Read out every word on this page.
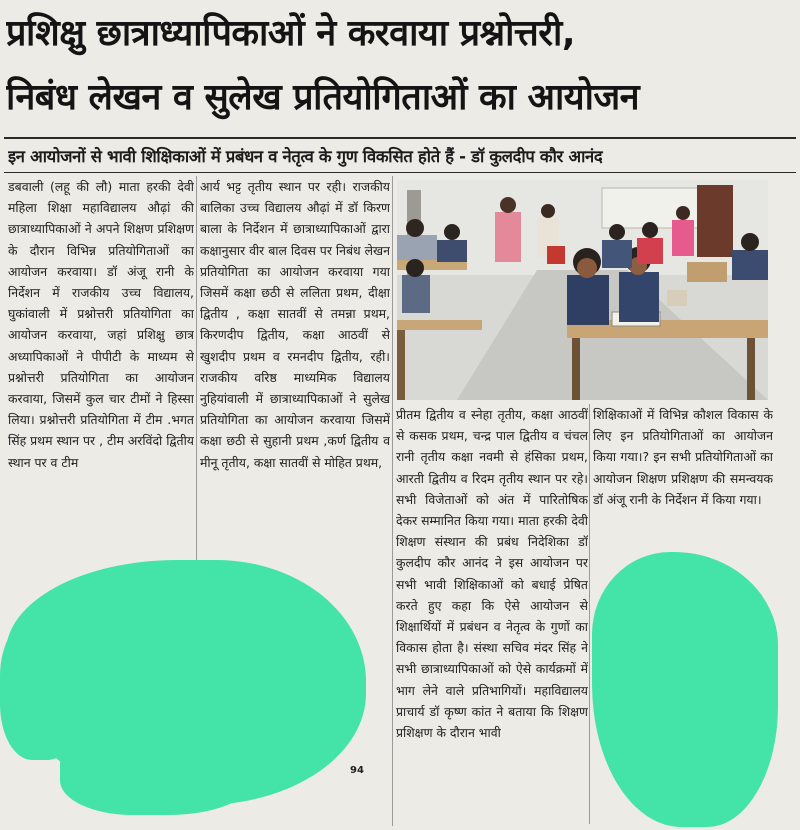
प्रशिक्षु छात्राध्यापिकाओं ने करवाया प्रश्नोत्तरी,
निबंध लेखन व सुलेख प्रतियोगिताओं का आयोजन
इन आयोजनों से भावी शिक्षिकाओं में प्रबंधन व नेतृत्व के गुण विकसित होते हैं - डॉ कुलदीप कौर आनंद

डबवाली (लहू की लौ) माता हरकी देवी महिला शिक्षा महाविद्यालय औढ़ां की छात्राध्यापिकाओं ने अपने शिक्षण प्रशिक्षण के दौरान विभिन्न प्रतियोगिताओं का आयोजन करवाया। डॉ अंजू रानी के निर्देशन में राजकीय उच्च विद्यालय, घुकांवाली में प्रश्नोत्तरी प्रतियोगिता का आयोजन करवाया, जहां प्रशिक्षु छात्र अध्यापिकाओं ने पीपीटी के माध्यम से प्रश्नोत्तरी प्रतियोगिता का आयोजन करवाया, जिसमें कुल चार टीमों ने हिस्सा लिया। प्रश्नोत्तरी प्रतियोगिता में टीम .भगत सिंह प्रथम स्थान पर , टीम अरविंदो द्वितीय स्थान पर व टीम

आर्य भट्ट तृतीय स्थान पर रही। राजकीय बालिका उच्च विद्यालय औढ़ां में डॉ किरण बाला के निर्देशन में छात्राध्यापिकाओं द्वारा कक्षानुसार वीर बाल दिवस पर निबंध लेखन प्रतियोगिता का आयोजन करवाया गया जिसमें कक्षा छठी से ललिता प्रथम, दीक्षा द्वितीय , कक्षा सातवीं से तमन्ना प्रथम, किरणदीप द्वितीय, कक्षा आठवीं से खुशदीप प्रथम व रमनदीप द्वितीय, रही। राजकीय वरिष्ठ माध्यमिक विद्यालय नुहियांवाली में छात्राध्यापिकाओं ने सुलेख प्रतियोगिता का आयोजन करवाया जिसमें कक्षा छठी से सुहानी प्रथम ,कर्ण द्वितीय व मीनू तृतीय, कक्षा सातवीं से मोहित प्रथम,

प्रीतम द्वितीय व स्नेहा तृतीय, कक्षा आठवीं से कसक प्रथम, चन्द्र पाल द्वितीय व चंचल रानी तृतीय कक्षा नवमी से हंसिका प्रथम, आरती द्वितीय व रिदम तृतीय स्थान पर रहे। सभी विजेताओं को अंत में पारितोषिक देकर सम्मानित किया गया। माता हरकी देवी शिक्षण संस्थान की प्रबंध निदेशिका डॉ कुलदीप कौर आनंद ने इस आयोजन पर सभी भावी शिक्षिकाओं को बधाई प्रेषित करते हुए कहा कि ऐसे आयोजन से शिक्षार्थियों में प्रबंधन व नेतृत्व के गुणों का विकास होता है। संस्था सचिव मंदर सिंह ने सभी छात्राध्यापिकाओं को ऐसे कार्यक्रमों में भाग लेने वाले प्रतिभागियों। महाविद्यालय प्राचार्य डॉ कृष्ण कांत ने बताया कि शिक्षण प्रशिक्षण के दौरान भावी

शिक्षिकाओं में विभिन्न कौशल विकास के लिए इन प्रतियोगिताओं का आयोजन किया गया।? इन सभी प्रतियोगिताओं का आयोजन शिक्षण प्रशिक्षण की समन्वयक डॉ अंजू रानी के निर्देशन में किया गया।

94
